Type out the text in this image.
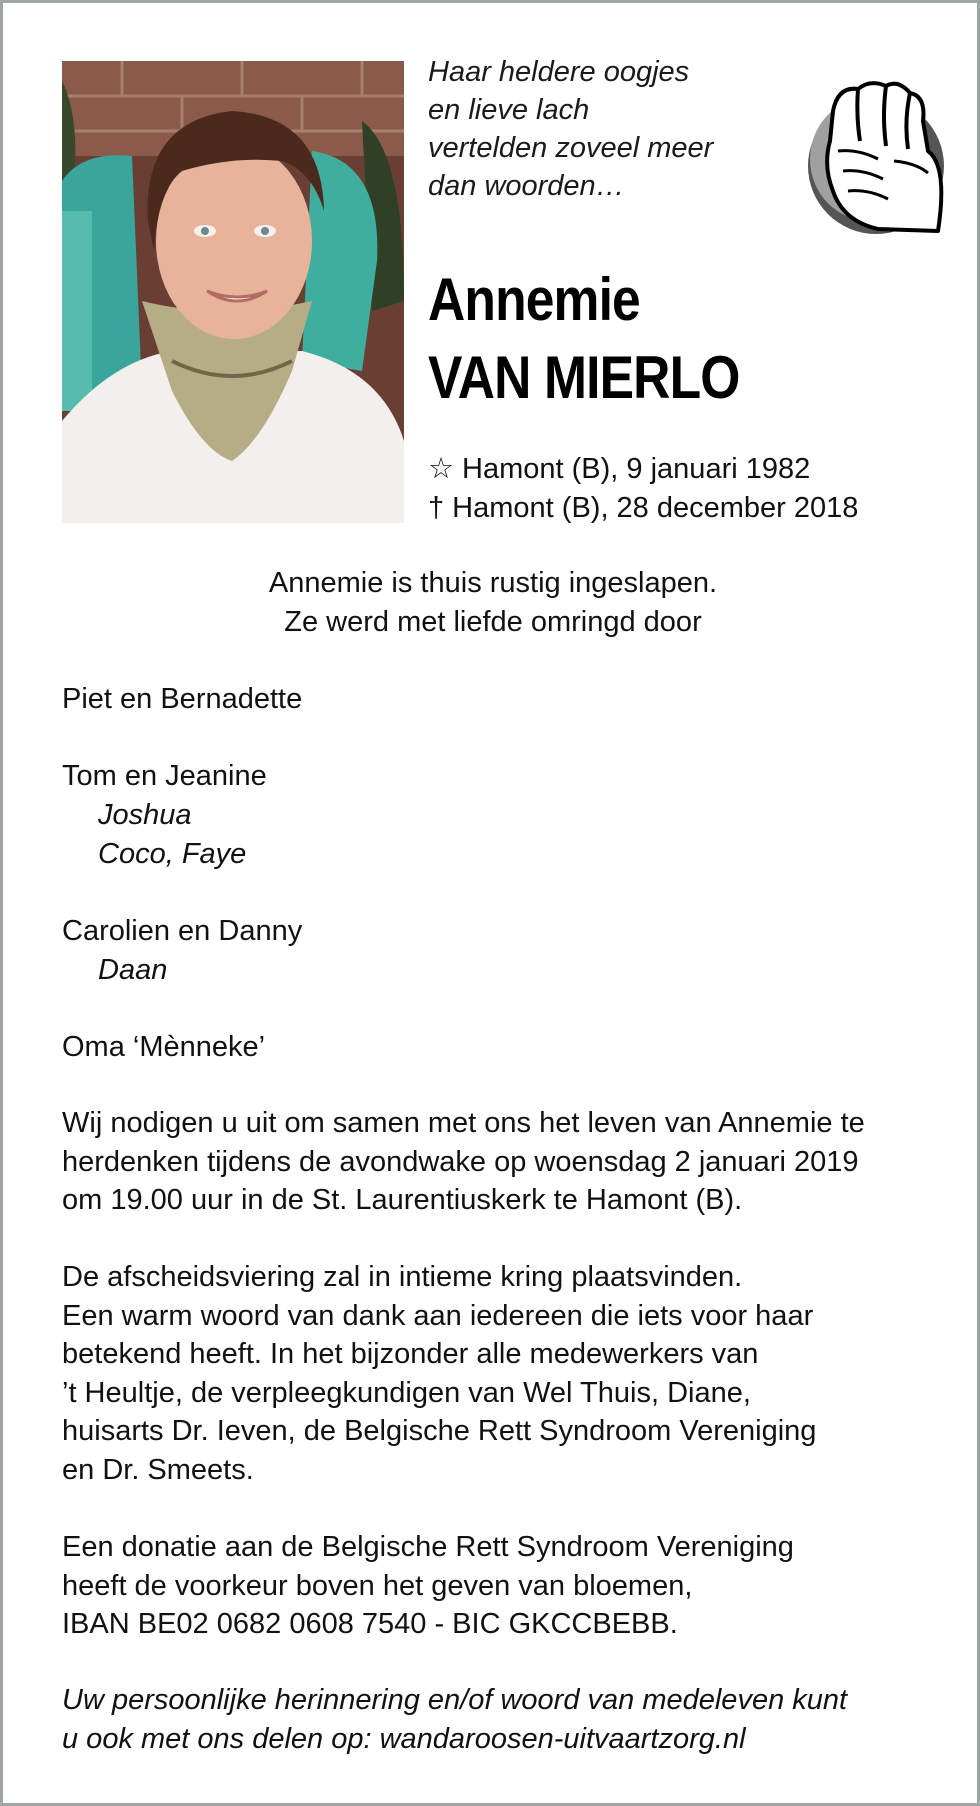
Haar heldere oogjes
en lieve lach
vertelden zoveel meer
dan woorden…
Annemie
VAN MIERLO
☆ Hamont (B), 9 januari 1982
† Hamont (B), 28 december 2018
Annemie is thuis rustig ingeslapen.
Ze werd met liefde omringd door
Piet en Bernadette
Tom en Jeanine
Joshua
Coco, Faye
Carolien en Danny
Daan
Oma ‘Mènneke’
Wij nodigen u uit om samen met ons het leven van Annemie te
herdenken tijdens de avondwake op woensdag 2 januari 2019
om 19.00 uur in de St. Laurentiuskerk te Hamont (B).
De afscheidsviering zal in intieme kring plaatsvinden.
Een warm woord van dank aan iedereen die iets voor haar
betekend heeft. In het bijzonder alle medewerkers van
’t Heultje, de verpleegkundigen van Wel Thuis, Diane,
huisarts Dr. Ieven, de Belgische Rett Syndroom Vereniging
en Dr. Smeets.
Een donatie aan de Belgische Rett Syndroom Vereniging
heeft de voorkeur boven het geven van bloemen,
IBAN BE02 0682 0608 7540 - BIC GKCCBEBB.
Uw persoonlijke herinnering en/of woord van medeleven kunt
u ook met ons delen op: wandaroosen-uitvaartzorg.nl
